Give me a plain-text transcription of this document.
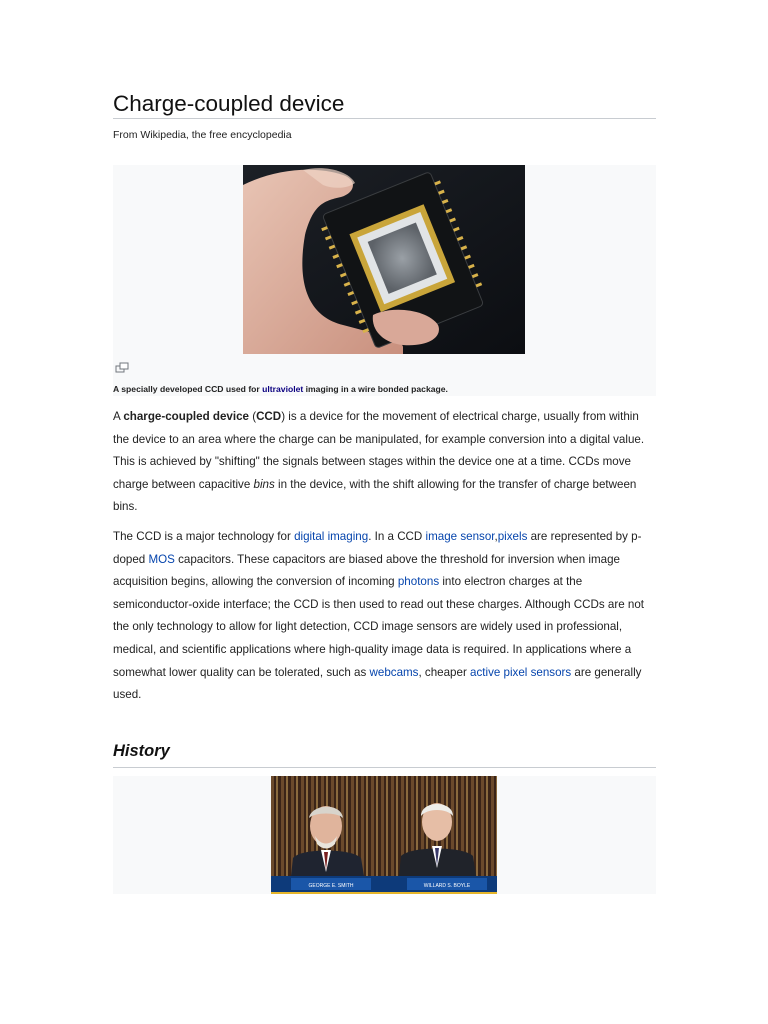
Charge-coupled device
From Wikipedia, the free encyclopedia
A specially developed CCD used for ultraviolet imaging in a wire bonded package.

A charge-coupled device (CCD) is a device for the movement of electrical charge, usually from within the device to an area where the charge can be manipulated, for example conversion into a digital value. This is achieved by "shifting" the signals between stages within the device one at a time. CCDs move charge between capacitive bins in the device, with the shift allowing for the transfer of charge between bins.

The CCD is a major technology for digital imaging. In a CCD image sensor,pixels are represented by p-doped MOS capacitors. These capacitors are biased above the threshold for inversion when image acquisition begins, allowing the conversion of incoming photons into electron charges at the semiconductor-oxide interface; the CCD is then used to read out these charges. Although CCDs are not the only technology to allow for light detection, CCD image sensors are widely used in professional, medical, and scientific applications where high-quality image data is required. In applications where a somewhat lower quality can be tolerated, such as webcams, cheaper active pixel sensors are generally used.

History
GEORGE E. SMITH	WILLARD S. BOYLE
